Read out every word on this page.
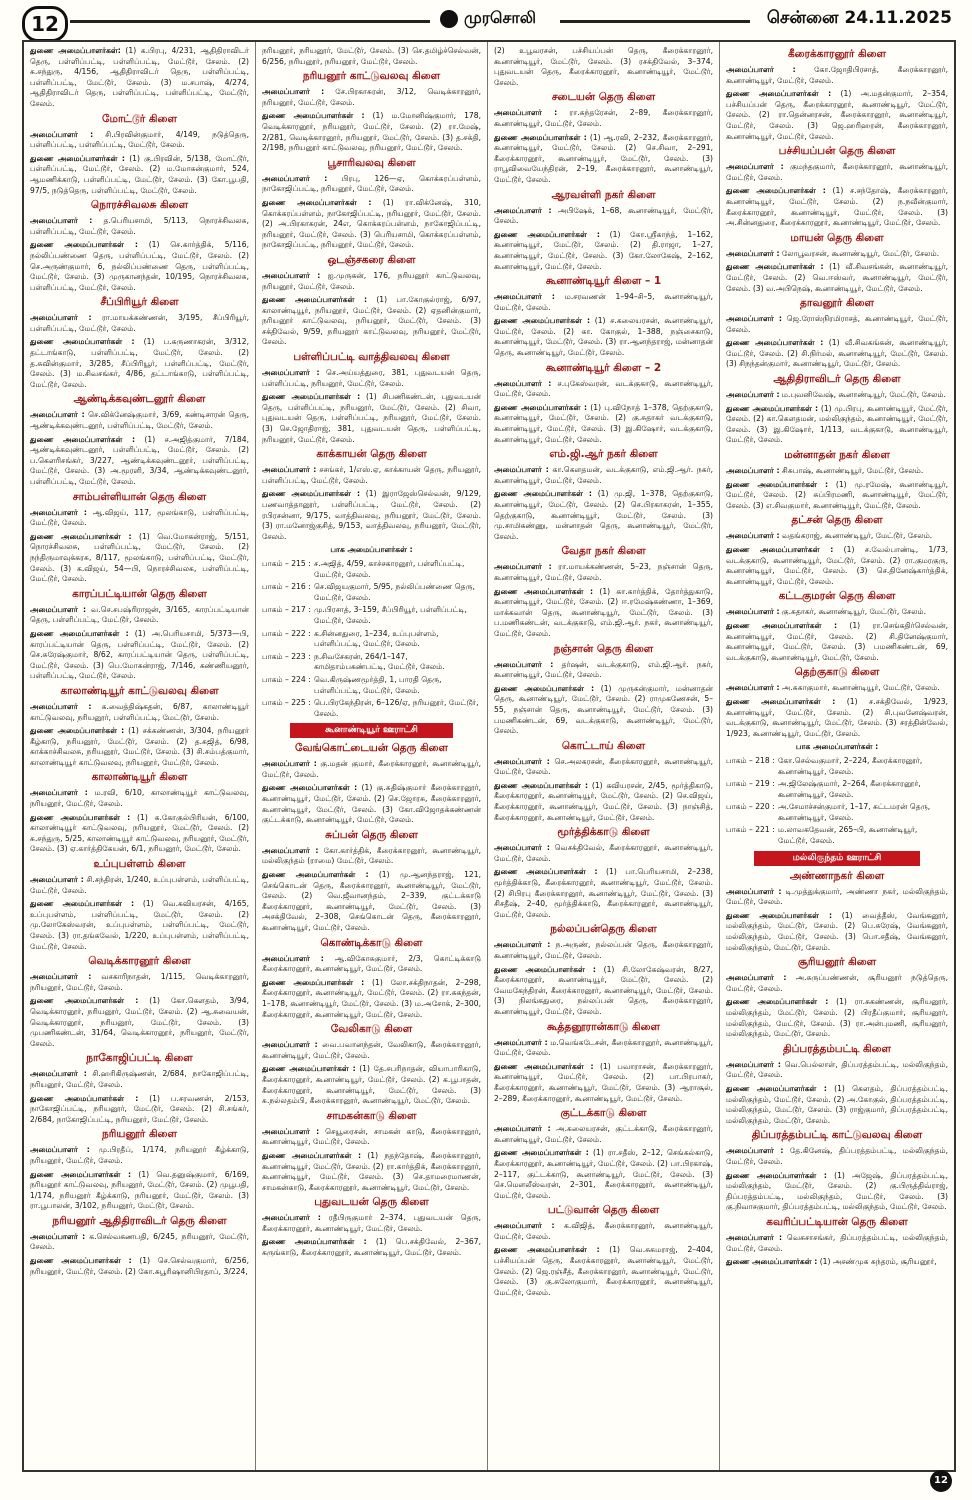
12	முரசொலி	சென்னை 24.11.2025

துணை அமைப்பாளர்கள்: (1) க.பிரபு, 4/231, ஆதிதிராவிடர் தெரு, பள்ளிப்பட்டி, பள்ளிப்பட்டி, மேட்டூர், சேலம். (2) சு.சந்துரு, 4/156, ஆதிதிராவிடர் தெரு, பள்ளிப்பட்டி, பள்ளிப்பட்டி, மேட்டூர், சேலம். (3) ம.சபாஷ், 4/274, ஆதிதிராவிடர் தெரு, பள்ளிப்பட்டி, பள்ளிப்பட்டி, மேட்டூர், சேலம்.

மோட்டூர் கிளை

அமைப்பாளர் : சி.பிரவின்குமார், 4/149, நடுத்தெரு, பள்ளிப்பட்டி, பள்ளிப்பட்டி, மேட்டூர், சேலம்.

துணை அமைப்பாளர்கள் : (1) கு.பிரவின், 5/138, மோட்டூர், பள்ளிப்பட்டி, மேட்டூர், சேலம். (2) ம.மோகன்குமார், 524, ஆமணிக்காடு, பள்ளிப்பட்டி, மேட்டூர், சேலம். (3) கோ.பூபதி, 97/5, நடுத்தெரு, பள்ளிப்பட்டி, மேட்டூர், சேலம்.

நொரச்சிவலசு கிளை

அமைப்பாளர் : த.பெரியசாமி, 5/113, நொரச்சிவலசு, பள்ளிப்பட்டி, மேட்டூர், சேலம்.

துணை அமைப்பாளர்கள் : (1) செ.கார்த்திக், 5/116, நல்லிப்பண்ணை தெரு, பள்ளிப்பட்டி, மேட்டூர், சேலம். (2) செ.அருண்குமார், 6, நல்லிப்பண்ணை தெரு, பள்ளிப்பட்டி, மேட்டூர், சேலம். (3) முருகானந்தன், 10/195, நொரச்சிவலசு, பள்ளிப்பட்டி, மேட்டூர், சேலம்.

சீப்பிரியூர் கிளை

அமைப்பாளர் : ரா.மாயக்கண்ணன், 3/195, சீப்பிரியூர், பள்ளிப்பட்டி, மேட்டூர், சேலம்.

துணை அமைப்பாளர்கள் : (1) ப.கருணாகரன், 3/312, தட்டாங்காடு, பள்ளிப்பட்டி, மேட்டூர், சேலம். (2) த.சுவின்குமார், 3/285, சீப்பிரியூர், பள்ளிப்பட்டி, மேட்டூர், சேலம். (3) ம.சிவசங்கர், 4/86, தட்டாங்காடு, பள்ளிப்பட்டி, மேட்டூர், சேலம்.

ஆண்டிக்கவுண்டனூர் கிளை

அமைப்பாளர் : செ.விக்னேஷ்குமார், 3/69, கண்டிசாரன் தெரு, ஆண்டிக்கவுண்டனூர், பள்ளிப்பட்டி, மேட்டூர், சேலம்.

துணை அமைப்பாளர்கள் : (1) ச.அஜித்குமார், 7/184, ஆண்டிக்கவுண்டனூர், பள்ளிப்பட்டி, மேட்டூர், சேலம். (2) ப.கௌரிசங்கர், 3/227, ஆண்டிக்கவுண்டனூர், பள்ளிப்பட்டி, மேட்டூர், சேலம். (3) அ.மூரளி, 3/34, ஆண்டிக்கவுண்டனூர், பள்ளிப்பட்டி, மேட்டூர், சேலம்.

சாம்பள்ளியான் தெரு கிளை

அமைப்பாளர் : ஆ.விஜய், 117, மூலங்காடு, பள்ளிப்பட்டி, மேட்டூர், சேலம்.

துணை அமைப்பாளர்கள் : (1) வெ.மோகன்ராஜ், 5/151, நொரச்சிவலசு, பள்ளிப்பட்டி, மேட்டூர், சேலம். (2) நந்திருமாவுக்கரசு, 8/117, மூலங்காடு, பள்ளிப்பட்டி, மேட்டூர், சேலம். (3) க.விஜய், 54—பி, நொரச்சிவலசு, பள்ளிப்பட்டி, மேட்டூர், சேலம்.

காரப்பட்டியான் தெரு கிளை

அமைப்பாளர் : வ.செ.சபஷ்ரிராஜன், 3/165, காரப்பட்டியான் தெரு, பள்ளிப்பட்டி, மேட்டூர், சேலம்.

துணை அமைப்பாளர்கள் : (1) அ.பெரியசாமி, 5/373—பி, காரப்பட்டியான் தெரு, பள்ளிப்பட்டி, மேட்டூர், சேலம். (2) செ.சுரேஷ்குமார், 8/62, காரப்பட்டியான் தெரு, பள்ளிப்பட்டி, மேட்டூர், சேலம். (3) பெ.மோகன்ராஜ், 7/146, கண்ணியனூர், பள்ளிப்பட்டி, மேட்டூர், சேலம்.

காலாண்டியூர் காட்டுவலவு கிளை

அமைப்பாளர் : க.வைத்திஷ்கதன், 6/87, காலாண்டியூர் காட்டுவலவு, நரியனூர், பள்ளிப்பட்டி, மேட்டூர், சேலம்.

துணை அமைப்பாளர்கள் : (1) சக்கண்ணன், 3/304, நரியனூர் கீழ்காடு, நரியனூர், மேட்டூர், சேலம். (2) த.சுஜித், 6/98, காக்காச்சிவலசு, நரியனூர், மேட்டூர், சேலம். (3) சி.சம்பத்குமார், காலாண்டியூர் காட்டுவலவு, நரியனூர், மேட்டூர், சேலம்.

காலாண்டியூர் கிளை

அமைப்பாளர் : ம.ரவி, 6/10, காலாண்டியூர் காட்டுவலவு, நரியனூர், மேட்டூர், சேலம்.

துணை அமைப்பாளர்கள் : (1) க.கோகுல்பிரியன், 6/100, காலாண்டியூர் காட்டுவலவு, நரியனூர், மேட்டூர், சேலம். (2) சு.சந்துரு, 5/25, காலாண்டியூர் காட்டுவலவு, நரியனூர், மேட்டூர், சேலம். (3) ஏ.கார்த்திகேயன், 6/1, நரியனூர், மேட்டூர், சேலம்.

உப்புபள்ளம் கிளை

அமைப்பாளர் : சி.சந்திரன், 1/240, உப்புபள்ளம், பள்ளிப்பட்டி, மேட்டூர், சேலம்.

துணை அமைப்பாளர்கள் : (1) வெ.கவியரசன், 4/165, உப்புபள்ளம், பள்ளிப்பட்டி, மேட்டூர், சேலம். (2) மு.லோகேஸ்வரன், உப்புபள்ளம், பள்ளிப்பட்டி, மேட்டூர், சேலம். (3) ரா.தங்கவேல், 1/220, உப்புபள்ளம், பள்ளிப்பட்டி, மேட்டூர், சேலம்.

வெடிக்காரனூர் கிளை

அமைப்பாளர் : வசகாரிநாதன், 1/115, வெடிக்காரனூர், நரியனூர், மேட்டூர், சேலம்.

துணை அமைப்பாளர்கள் : (1) கோ.கௌதம், 3/94, வெடிக்காரனூர், நரியனூர், மேட்டூர், சேலம். (2) ஆ.சுவையன், வெடிக்காரனூர், நரியனூர், மேட்டூர், சேலம். (3) முபணிகண்டன், 31/64, வெடிக்காரனூர், நரியனூர், மேட்டூர், சேலம்.

நாகோஜிப்பட்டி கிளை

அமைப்பாளர் : சி.ஹரிகிருஷ்ணன், 2/684, நாகோஜிப்பட்டி, நரியனூர், மேட்டூர், சேலம்.

துணை அமைப்பாளர்கள் : (1) ப.சரவணன், 2/153, நாகோஜிப்பட்டி, நரியனூர், மேட்டூர், சேலம். (2) சி.சங்கர், 2/684, நாகோஜிப்பட்டி, நரியனூர், மேட்டூர், சேலம்.

நரியனூர் கிளை

அமைப்பாளர் : மு.பிரதீப், 1/174, நரியனூர் கீழ்க்காடு, நரியனூர், மேட்டூர், சேலம்.

துணை அமைப்பாளர்கள் : (1) வெ.தனுஷ்குமார், 6/169, நரியனூர் காட்டுவலவு, நரியனூர், மேட்டூர், சேலம். (2) முபூபதி, 1/174, நரியனூர் கீழ்க்காடு, நரியனூர், மேட்டூர், சேலம். (3) ரா.பூபாலன், 3/102, நரியனூர், மேட்டூர், சேலம்.

நரியனூர் ஆதிதிராவிடர் தெரு கிளை

அமைப்பாளர் : க.செல்வகணபதி, 6/245, நரியனூர், மேட்டூர், சேலம்.

துணை அமைப்பாளர்கள் : (1) செ.செல்வகுமார், 6/256, நரியனூர், மேட்டூர், சேலம். (2) கோ.சுபூரிஷானிபிரதாப், 3/224,

நரியனூர், நரியனூர், மேட்டூர், சேலம். (3) செ.தமிழ்ச்செல்வன், 6/256, நரியனூர், நரியனூர், மேட்டூர், சேலம்.

நரியனூர் காட்டுவலவு கிளை

அமைப்பாளர் : சே.பிரகாசுரன், 3/12, வெடிக்காரனூர், நரியனூர், மேட்டூர், சேலம்.

துணை அமைப்பாளர்கள் : (1) ம.மோனிஷ்குமார், 178, வெடிக்காரனூர், நரியனூர், மேட்டூர், சேலம். (2) ரா.மேஷ், 2/281, வெடிக்காரனூர், நரியனூர், மேட்டூர், சேலம். (3) த.சக்தி, 2/198, நரியனூர் காட்டுவலவு, நரியனூர், மேட்டூர், சேலம்.

பூசாரிவலவு கிளை

அமைப்பாளர் : பிரபு, 126—ஏ, கொக்கரப்பள்ளம், நாகோஜிப்பட்டி, நரியனூர், மேட்டூர், சேலம்.

துணை அமைப்பாளர்கள் : (1) ரா.விக்னேஷ், 310, கொக்கரப்பள்ளம், நாகோஜிப்பட்டி, நரியனூர், மேட்டூர், சேலம். (2) அ.பிரகாசுரன், 24எ, கொக்கரப்பள்ளம், நாகோஜிப்பட்டி, நரியனூர், மேட்டூர், சேலம். (3) பெரியசாமி, கொக்கரப்பள்ளம், நாகோஜிப்பட்டி, நரியனூர், மேட்டூர், சேலம்.

ஒடஞ்சகரை கிளை

அமைப்பாளர் : ஐ.முருகன், 176, நரியனூர் காட்டுவலவு, நரியனூர், மேட்டூர், சேலம்.

துணை அமைப்பாளர்கள் : (1) பா.கோகுல்ராஜ், 6/97, காலாண்டியூர், நரியனூர், மேட்டூர், சேலம். (2) ஏதனின்குமார், நரியனூர் காட்டுவலவு, நரியனூர், மேட்டூர், சேலம். (3) சக்திவேல், 9/59, நரியனூர் காட்டுவலவு, நரியனூர், மேட்டூர், சேலம்.

பள்ளிப்பட்டி வாத்திவலவு கிளை

அமைப்பாளர் : செ.அய்யத்துரை, 381, புதுவடயன் தெரு, பள்ளிப்பட்டி, நரியனூர், மேட்டூர், சேலம்.

துணை அமைப்பாளர்கள் : (1) சிபணிகண்டன், புதுவடயன் தெரு, பள்ளிப்பட்டி, நரியனூர், மேட்டூர், சேலம். (2) சிவா, புதுவடயன் தெரு, பள்ளிப்பட்டி, நரியனூர், மேட்டூர், சேலம். (3) செ.ஜோதிராஜ், 381, புதுவடயன் தெரு, பள்ளிப்பட்டி, நரியனூர், மேட்டூர், சேலம்.

காக்காயன் தெரு கிளை

அமைப்பாளர் : சசங்கர், 1/எஸ்.ஏ, காக்காயன் தெரு, நரியனூர், பள்ளிப்பட்டி, மேட்டூர், சேலம்.

துணை அமைப்பாளர்கள் : (1) இராஜேஸ்செல்வன், 9/129, பணவாத்தானூர், பள்ளிப்பட்டி, மேட்டூர், சேலம். (2) ரபிரசன்னா, 9/175, வாத்திவலவு, நரியனூர், மேட்டூர், சேலம். (3) ரா.மனோஜ்குசித், 9/153, வாத்திவலவு, நரியனூர், மேட்டூர், சேலம்.

பாக அமைப்பாளர்கள் :
பாகம் – 215 : ச.அஜித், 4/59, காச்சகாரனூர், பள்ளிப்பட்டி, மேட்டூர், சேலம்.
பாகம் – 216 : செ.விஜயகுமார், 5/95, நல்லிப்பண்ணை தெரு, மேட்டூர், சேலம்.
பாகம் – 217 : மு.பிரசாத், 3–159, சீப்பிரியூர், பள்ளிப்பட்டி, மேட்டூர், சேலம்.
பாகம் – 222 : க.சின்னதுரை, 1–234, உப்புபள்ளம், பள்ளிப்பட்டி, மேட்டூர், சேலம்.
பாகம் – 223 : ந.சிவசேகரன், 264/1–147, காமிதாம்பகண்பட்டி, மேட்டூர், சேலம்.
பாகம் – 224 : வெ.கிருஷ்ணமூர்த்தி, 1, பாரதி தெரு, பள்ளிப்பட்டி, மேட்டூர், சேலம்.
பாகம் – 225 : பெ.பிரகேந்திரன், 6–126/ஏ, நரியனூர், மேட்டூர், சேலம்.
கூனாண்டியூர் ஊராட்சி
வேங்கொட்டையன் தெரு கிளை

அமைப்பாளர் : கு.மதன் குமார், கீரைக்காரனூர், கூனாண்டியூர், மேட்டூர், சேலம்.

துணை அமைப்பாளர்கள் : (1) கு.சுதிஷ்குமார் கீரைக்காரனூர், கூனாண்டியூர், மேட்டூர், சேலம். (2) செ.ஜோரசு, கீரைக்காரனூர், கூனாண்டியூர், மேட்டூர், சேலம். (3) கோ.விஜோதக்கண்ணன் குட்டக்காடு, கூனாண்டியூர், மேட்டூர், சேலம்.

சுப்பன் தெரு கிளை

அமைப்பாளர் : கோ.கார்த்திக், கீரைக்காரனூர், கூனாண்டியூர், மல்லிகுந்தம் (ராமை) மேட்டூர், சேலம்.

துணை அமைப்பாளர்கள் : (1) மு.ஆனந்தராஜ், 121, செங்கொடன் தெரு, கீரைக்காரனூர், கூனாண்டியூர், மேட்டூர், சேலம். (2) வெ.ஜீவானந்தம், 2–339, குட்டக்காடு கீரைக்காரனூர், கூனாண்டியூர், மேட்டூர், சேலம். (3) அசக்திவேல், 2–308, செங்கொடன் தெரு, கீரைக்காரனூர், கூனாண்டியூர், மேட்டூர், சேலம்.

கொண்டிக்காடு கிளை

அமைப்பாளர் : ஆ.விகோசுகுமார், 2/3, கொட்டிக்காடு கீரைக்காரனூர், கூனாண்டியூர், மேட்டூர், சேலம்.

துணை அமைப்பாளர்கள் : (1) லோ.சக்திநாதன், 2–298, கீரைக்காரனூர், கூனாண்டியூர், மேட்டூர், சேலம். (2) ரா.சுகந்தன், 1–178, கூனாண்டியூர், மேட்டூர், சேலம். (3) ம.அசோக், 2–300, கீரைக்காரனூர், கூனாண்டியூர், மேட்டூர், சேலம்.

வேலிகாடு கிளை

அமைப்பாளர் : வை.பவானந்தன், வேலிகாடு, கீரைக்காரனூர், கூனாண்டியூர், மேட்டூர், சேலம்.

துணை அமைப்பாளர்கள் : (1) தே.சபரிநாதன், வியாபாரிகாடு, கீரைக்காரனூர், கூனாண்டியூர், மேட்டூர், சேலம். (2) க.பூபாதன், கீரைக்காரனூர், கூனாண்டியூர், மேட்டூர், சேலம். (3) சு.நல்லதம்பி, கீரைக்காரனூர், கூனாண்டியூர், மேட்டூர், சேலம்.

சாமகன்காடு கிளை

அமைப்பாளர் : செயூரைசன், சாமகன் காடு, கீரைக்காரனூர், கூனாண்டியூர், மேட்டூர், சேலம்.

துணை அமைப்பாளர்கள் : (1) நதந்தோஷ், கீரைக்காரனூர், கூனாண்டியூர், மேட்டூர், சேலம். (2) ரா.கார்த்திக், கீரைக்காரனூர், கூனாண்டியூர், மேட்டூர், சேலம். (3) செ.தாமரைமாணன், சாமகன்காடு, கீரைக்காரனூர், கூனாண்டியூர், மேட்டூர், சேலம்.

புதுவடயன் தெரு கிளை

அமைப்பாளர் : ரதீபிருகுமார் 2–374, புதுவடயன் தெரு, கீரைக்காரனூர், கூனாண்டியூர், மேட்டூர், சேலம்.

துணை அமைப்பாளர்கள் : (1) பெ.சக்திவேல், 2–367, கருங்காடு, கீரைக்காரனூர், கூனாண்டியூர், மேட்டூர், சேலம்.

(2) உபூவரசன், பச்சியப்பன் தெரு, கீரைக்காரனூர், கூனாண்டியூர், மேட்டூர், சேலம். (3) ரசக்திவேல், 3–374, புதுவடயன் தெரு, கீரைக்காரனூர், கூனாண்டியூர், மேட்டூர், சேலம்.

சடையன் தெரு கிளை

அமைப்பாளர் : ரா.சுந்தரேசன், 2–89, கீரைக்காரனூர், கூனாண்டியூர், மேட்டூர், சேலம்.

துணை அமைப்பாளர்கள் : (1) ஆ.ரவி, 2–232, கீரைக்காரனூர், கூனாண்டியூர், மேட்டூர், சேலம். (2) செ.சிவா, 2–291, கீரைக்காரனூர், கூனாண்டியூர், மேட்டூர், சேலம். (3) ராபூவிவையேந்திரன், 2–19, கீரைக்காரனூர், கூனாண்டியூர், மேட்டூர், சேலம்.

ஆரவள்ளி நகர் கிளை

அமைப்பாளர் : அபிஷேக், 1–68, கூனாண்டியூர், மேட்டூர், சேலம்.

துணை அமைப்பாளர்கள் : (1) கோ.ஸ்ரீகாந்த், 1–162, கூனாண்டியூர், மேட்டூர், சேலம். (2) தி.ராஜா, 1–27, கூனாண்டியூர், மேட்டூர், சேலம். (3) கோ.லோகேஷ், 2–162, கூனாண்டியூர், மேட்டூர், சேலம்.

கூனாண்டியூர் கிளை – 1

அமைப்பாளர் : ம.சரவணன் 1–94–சி–5, கூனாண்டியூர், மேட்டூர், சேலம்.

துணை அமைப்பாளர்கள் : (1) ச.கலையரசன், கூனாண்டியூர், மேட்டூர், சேலம். (2) கா. கோகுல், 1–388, நஞ்சைகாடு, கூனாண்டியூர், மேட்டூர், சேலம். (3) ரா.ஆனந்தராஜ், மன்னாதன் தெரு, கூனாண்டியூர், மேட்டூர், சேலம்.

கூனாண்டியூர் கிளை – 2

அமைப்பாளர் : ச.புகேஸ்வரன், வடக்குகாடு, கூனாண்டியூர், மேட்டூர், சேலம்.

துணை அமைப்பாளர்கள் : (1) பு.விநோத் 1–378, தெற்குகாடு, கூனாண்டியூர், மேட்டூர், சேலம். (2) கு.சுதாகர் வடக்குகாடு, கூனாண்டியூர், மேட்டூர், சேலம். (3) இ.கிஷோர், வடக்குகாடு, கூனாண்டியூர், மேட்டூர், சேலம்.

எம்.ஜி.ஆர் நகர் கிளை

அமைப்பாளர் : கா.கௌதமன், வடக்குகாடு, எம்.ஜி.ஆர். நகர், கூனாண்டியூர், மேட்டூர், சேலம்.

துணை அமைப்பாளர்கள் : (1) மு.ஜி, 1–378, தெற்குகாடு, கூனாண்டியூர், மேட்டூர், சேலம். (2) செ.பிரகாசுரன், 1–355, தெற்குகாடு, கூனாண்டியூர், மேட்டூர், சேலம். (3) மு.சாமிகண்ணு, மன்னாதன் தெரு, கூனாண்டியூர், மேட்டூர், சேலம்.

வேதா நகர் கிளை

அமைப்பாளர் : ரா.மாயக்கண்ணன், 5–23, நஞ்சான் தெரு, கூனாண்டியூர், மேட்டூர், சேலம்.

துணை அமைப்பாளர்கள் : (1) கா.கார்த்திக், தோர்த்துகாடு, கூனாண்டியூர், மேட்டூர், சேலம். (2) ஈ.ரமேஷ்கண்ணா, 1–369, மாக்கவான் தெரு, கூனாண்டியூர், மேட்டூர், சேலம். (3) ப.மணிகண்டன், வடக்குகாடு, எம்.ஜி.ஆர். நகர், கூனாண்டியூர், மேட்டூர், சேலம்.

நஞ்சான் தெரு கிளை

அமைப்பாளர் : தர்ஷன், வடக்குகாடு, எம்.ஜி.ஆர். நகர், கூனாண்டியூர், மேட்டூர், சேலம்.

துணை அமைப்பாளர்கள் : (1) முருகன்குமார், மன்னாதன் தெரு, கூனாண்டியூர், மேட்டூர், சேலம். (2) ராமுகணேசன், 5–55, நஞ்சான் தெரு, கூனாண்டியூர், மேட்டூர், சேலம். (3) பமணிகண்டன், 69, வடக்குகாடு, கூனாண்டியூர், மேட்டூர், சேலம்.

கொட்டாய் கிளை

அமைப்பாளர் : செ.அலகரசன், கீரைக்காரனூர், கூனாண்டியூர், மேட்டூர், சேலம்.

துணை அமைப்பாளர்கள் : (1) கவியரசன், 2/45, மூர்த்திகாடு, கீரைக்காரனூர், கூனாண்டியூர், மேட்டூர், சேலம். (2) செ.விஜய், கீரைக்காரனூர், கூனாண்டியூர், மேட்டூர், சேலம். (3) நாஞ்சித், கீரைக்காரனூர், கூனாண்டியூர், மேட்டூர், சேலம்.

மூர்த்திக்காடு கிளை

அமைப்பாளர் : வெசக்திவேல், கீரைக்காரனூர், கூனாண்டியூர், மேட்டூர், சேலம்.

துணை அமைப்பாளர்கள் : (1) பா.பெரியசாமி, 2–238, மூர்த்திக்காடு, கீரைக்காரனூர், கூனாண்டியூர், மேட்டூர், சேலம். (2) சிபிரபு கீரைக்காரனூர், கூனாண்டியூர், மேட்டூர், சேலம். (3) சிசதீஷ், 2–40, மூர்த்திக்காடு, கீரைக்காரனூர், கூனாண்டியூர், மேட்டூர், சேலம்.

நல்லப்பன்தெரு கிளை

அமைப்பாளர் : ந.அருண், நல்லப்பன் தெரு, கீரைக்காரனூர், கூனாண்டியூர், மேட்டூர், சேலம்.

துணை அமைப்பாளர்கள் : (1) சி.லோகேஷ்வரன், 8/27, கீரைக்காரனூர், கூனாண்டியூர், மேட்டூர், சேலம். (2) வேமகேந்திரன், கீரைக்காரனூர், கூனாண்டியூர், மேட்டூர், சேலம். (3) நிலங்கதுரை, நல்லப்பன் தெரு, கீரைக்காரனூர், கூனாண்டியூர், மேட்டூர், சேலம்.

கூத்தனூரான்காடு கிளை

அமைப்பாளர் : ம.வெங்கடேசன், கீரைக்காரனூர், கூனாண்டியூர், மேட்டூர், சேலம்.

துணை அமைப்பாளர்கள் : (1) பவாராசன், கீரைக்காரனூர், கூனாண்டியூர், மேட்டூர், சேலம். (2) பா.பிரபாகர், கீரைக்காரனூர், கூனாண்டியூர், மேட்டூர், சேலம். (3) ஆராசூல், 2–289, கீரைக்காரனூர், கூனாண்டியூர், மேட்டூர், சேலம்.

குட்டக்காடு கிளை

அமைப்பாளர் : அ.சுலையரசன், குட்டக்காடு, கீரைக்காரனூர், கூனாண்டியூர், மேட்டூர், சேலம்.

துணை அமைப்பாளர்கள் : (1) ரா.சதீஸ், 2–12, செங்கல்காடு, கீரைக்காரனூர், கூனாண்டியூர், மேட்டூர், சேலம். (2) பா.பிரகாஷ், 2–117, குட்டக்காடு, கூனாண்டியூர், மேட்டூர், சேலம். (3) செ.மௌலீஸ்வரன், 2–301, கீரைக்காரனூர், கூனாண்டியூர், மேட்டூர், சேலம்.

பட்டுவான் தெரு கிளை

அமைப்பாளர் : க.விஜித், கீரைக்காரனூர், கூனாண்டியூர், மேட்டூர், சேலம்.

துணை அமைப்பாளர்கள் : (1) வெ.சுசுமராஜ், 2–404, பச்சியப்பன் தெரு, கீரைக்காரனூர், கூனாண்டியூர், மேட்டூர், சேலம். (2) ஜெ.ரஞ்சீத், கீரைக்காரனூர், கூனாண்டியூர், மேட்டூர், சேலம். (3) கு.சுலோகுமார், கீரைக்காரனூர், கூனாண்டியூர், மேட்டூர், சேலம்.

கீரைக்காரனூர் கிளை

அமைப்பாளர் : கோ.ஜோதிபிரசாத், கீரைக்காரனூர், கூனாண்டியூர், மேட்டூர், சேலம்.

துணை அமைப்பாளர்கள் : (1) அ.மதன்குமார், 2–354, பச்சியப்பன் தெரு, கீரைக்காரனூர், கூனாண்டியூர், மேட்டூர், சேலம். (2) ரா.தென்னரசன், கீரைக்காரனூர், கூனாண்டியூர், மேட்டூர், சேலம். (3) ஜெ.ஹரிஹரன், கீரைக்காரனூர், கூனாண்டியூர், மேட்டூர், சேலம்.

பச்சியப்பன் தெரு கிளை

அமைப்பாளர் : குமந்தகுமார், கீரைக்காரனூர், கூனாண்டியூர், மேட்டூர், சேலம்.

துணை அமைப்பாளர்கள் : (1) ச.சந்தோஷ், கீரைக்காரனூர், கூனாண்டியூர், மேட்டூர், சேலம். (2) ந.நவீன்குமார், கீரைக்காரனூர், கூனாண்டியூர், மேட்டூர், சேலம். (3) அ.சின்னதுரை, கீரைக்காரனூர், கூனாண்டியூர், மேட்டூர், சேலம்.

மாயன் தெரு கிளை

அமைப்பாளர் : லோபூவரசன், கூனாண்டியூர், மேட்டூர், சேலம்.

துணை அமைப்பாளர்கள் : (1) வீ.சிவசங்கன், கூனாண்டியூர், மேட்டூர், சேலம். (2) வெ.ஈஸ்வர், கூனாண்டியூர், மேட்டூர், சேலம். (3) வ.அபிநெஷ், கூனாண்டியூர், மேட்டூர், சேலம்.

தாவனூர் கிளை

அமைப்பாளர் : ஜெ.ரோஸ்நிரமிராசத், கூனாண்டியூர், மேட்டூர், சேலம்.

துணை அமைப்பாளர்கள் : (1) வீ.சிவகங்கன், கூனாண்டியூர், மேட்டூர், சேலம். (2) சி.நிர்மல், கூனாண்டியூர், மேட்டூர், சேலம். (3) சிநந்தன்குமார், கூனாண்டியூர், மேட்டூர், சேலம்.

ஆதிதிராவிடர் தெரு கிளை

அமைப்பாளர் : ம.புவனிவேஷ், கூனாண்டியூர், மேட்டூர், சேலம்.

துணை அமைப்பாளர்கள் : (1) மு.பிரபு, கூனாண்டியூர், மேட்டூர், சேலம். (2) கா.கௌதமன், மல்லிகுந்தம், கூனாண்டியூர், மேட்டூர், சேலம். (3) இ.கிஷோர், 1/113, வடக்குகாடு, கூனாண்டியூர், மேட்டூர், சேலம்.

மன்னாதன் நகர் கிளை

அமைப்பாளர் : சிசுபாஷ், கூனாண்டியூர், மேட்டூர், சேலம்.

துணை அமைப்பாளர்கள் : (1) மு.ரமேஷ், கூனாண்டியூர், மேட்டூர், சேலம். (2) சுப்பிரமணி, கூனாண்டியூர், மேட்டூர், சேலம். (3) எ.சிவகுமார், கூனாண்டியூர், மேட்டூர், சேலம்.

தட்சன் தெரு கிளை

அமைப்பாளர் : வதங்கராஜ், கூனாண்டியூர், மேட்டூர், சேலம்.

துணை அமைப்பாளர்கள் : (1) ச.வேல்பாண்டி, 1/73, வடக்குகாடு, கூனாண்டியூர், மேட்டூர், சேலம். (2) ரா.குமரகுரு, கூனாண்டியூர், மேட்டூர், சேலம். (3) செ.தினேஷ்கார்த்திக், கூனாண்டியூர், மேட்டூர், சேலம்.

கட்டகுமரன் தெரு கிளை

அமைப்பாளர் : கு.சுதாகர், கூனாண்டியூர், மேட்டூர், சேலம்.

துணை அமைப்பாளர்கள் : (1) ரா.செங்கதிர்செல்வன், கூனாண்டியூர், மேட்டூர், சேலம். (2) சி.தினேஷ்குமார், கூனாண்டியூர், மேட்டூர், சேலம். (3) பமணிகண்டன், 69, வடக்குகாடு, கூனாண்டியூர், மேட்டூர், சேலம்.

தெற்குகாடு கிளை

அமைப்பாளர் : அ.சுகாகுமார், கூனாண்டியூர், மேட்டூர், சேலம்.

துணை அமைப்பாளர்கள் : (1) ச.சக்திவேல், 1/923, கூனாண்டியூர், மேட்டூர், சேலம். (2) சி.புவனேஷ்வரன், வடக்குகாடு, கூனாண்டியூர், மேட்டூர், சேலம். (3) சரத்தின்வேல், 1/923, கூனாண்டியூர், மேட்டூர், சேலம்.

பாக அமைப்பாளர்கள் :
பாகம் – 218 : கோ.செல்வகுமார், 2–224, கீரைக்காரனூர், கூனாண்டியூர், சேலம்.
பாகம் – 219 : அ.ஜிலேஷ்குமார், 2–264, கீரைக்காரனூர், கூனாண்டியூர், சேலம்.
பாகம் – 220 : அ.சேமாச்சன்குமார், 1–17, சுட்டமரன் தெரு, கூனாண்டியூர், சேலம்.
பாகம் – 221 : ம.லாவகதேவன், 265–பி, கூனாண்டியூர், மேட்டூர், சேலம்.
மல்லிகுந்தம் ஊராட்சி
அண்ணாநகர் கிளை

அமைப்பாளர் : டி.முத்துக்குமார், அண்ணா நகர், மல்லிகுந்தம், மேட்டூர், சேலம்.

துணை அமைப்பாளர்கள் : (1) வைத்தீஸ், வேங்கனூர், மல்லிகுந்தம், மேட்டூர், சேலம். (2) பெ.சுரேஷ், வேங்கனூர், மல்லிகுந்தம், மேட்டூர், சேலம். (3) பொ.சதீஷ், வேங்கனூர், மல்லிகுந்தம், மேட்டூர், சேலம்.

சூரியனூர் கிளை

அமைப்பாளர் : அ.சுருப்பண்ணன், சூரியனூர் நடுத்தெரு, மேட்டூர், சேலம்.

துணை அமைப்பாளர்கள் : (1) ரா.சுகண்ணன், சூரியனூர், மல்லிகுந்தம், மேட்டூர், சேலம். (2) பிரதீப்குமார், சூரியனூர், மல்லிகுந்தம், மேட்டூர், சேலம். (3) ரா.அன்புமணி, சூரியனூர், மல்லிகுந்தம், மேட்டூர், சேலம்.

திப்பரத்தம்பட்டி கிளை

அமைப்பாளர் : வெ.பெல்லாள், திப்பரத்தம்பட்டி, மல்லிகுந்தம், மேட்டூர், சேலம்.

துணை அமைப்பாளர்கள் : (1) கௌதம், திப்பரத்தம்பட்டி, மல்லிகுந்தம், மேட்டூர், சேலம். (2) அ.கோகுல், திப்பரத்தம்பட்டி, மல்லிகுந்தம், மேட்டூர், சேலம். (3) ராஜ்குமார், திப்பரத்தம்பட்டி, மல்லிகுந்தம், மேட்டூர், சேலம்.

திப்பரத்தம்பட்டி காட்டுவலவு கிளை

அமைப்பாளர் : தே.கினேஷ், திப்பரத்தம்பட்டி, மல்லிகுந்தம், மேட்டூர், சேலம்.

துணை அமைப்பாளர்கள் : (1) அஜேஷ், திப்பரத்தம்பட்டி, மல்லிகுந்தம், மேட்டூர், சேலம். (2) கு.பிருத்திவ்ராஜ், திப்பரத்தம்பட்டி, மல்லிகுந்தம், மேட்டூர், சேலம். (3) கு.நிவாசகுமார், திப்பரத்தம்பட்டி, மல்லிகுந்தம், மேட்டூர், சேலம்.

கவரிப்பட்டியான் தெரு கிளை

அமைப்பாளர் : வெசுசாசங்கர், திப்பரத்தம்பட்டி, மல்லிகுந்தம், மேட்டூர், சேலம்.

துணை அமைப்பாளர்கள் : (1) அசண்முக சுந்தரம், சூரியனூர்,

12
